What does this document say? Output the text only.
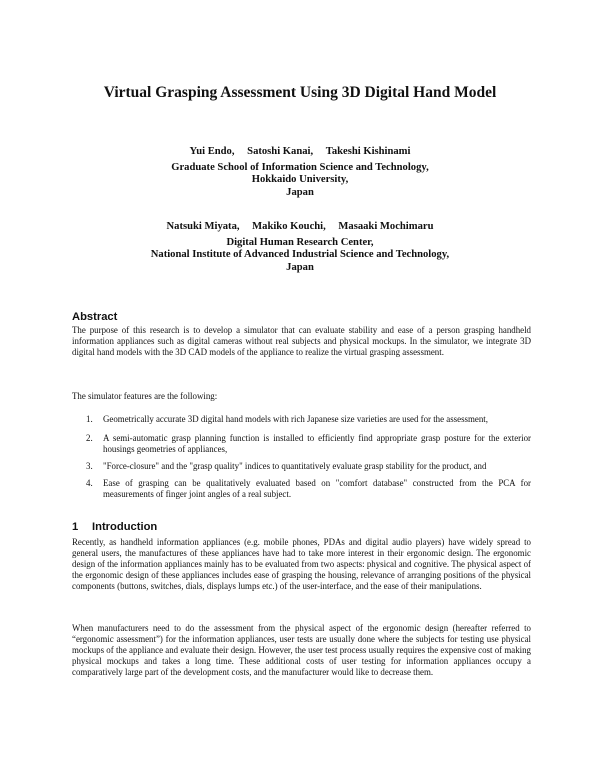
Virtual Grasping Assessment Using 3D Digital Hand Model
Yui Endo, Satoshi Kanai, Takeshi Kishinami
Graduate School of Information Science and Technology,
Hokkaido University,
Japan
Natsuki Miyata, Makiko Kouchi, Masaaki Mochimaru
Digital Human Research Center,
National Institute of Advanced Industrial Science and Technology,
Japan
Abstract

The purpose of this research is to develop a simulator that can evaluate stability and ease of a person grasping handheld information appliances such as digital cameras without real subjects and physical mockups. In the simulator, we integrate 3D digital hand models with the 3D CAD models of the appliance to realize the virtual grasping assessment.

The simulator features are the following:

1. Geometrically accurate 3D digital hand models with rich Japanese size varieties are used for the assessment,
2. A semi-automatic grasp planning function is installed to efficiently find appropriate grasp posture for the exterior housings geometries of appliances,
3. "Force-closure" and the "grasp quality" indices to quantitatively evaluate grasp stability for the product, and
4. Ease of grasping can be qualitatively evaluated based on "comfort database" constructed from the PCA for measurements of finger joint angles of a real subject.
1 Introduction

Recently, as handheld information appliances (e.g. mobile phones, PDAs and digital audio players) have widely spread to general users, the manufactures of these appliances have had to take more interest in their ergonomic design. The ergonomic design of the information appliances mainly has to be evaluated from two aspects: physical and cognitive. The physical aspect of the ergonomic design of these appliances includes ease of grasping the housing, relevance of arranging positions of the physical components (buttons, switches, dials, displays lumps etc.) of the user-interface, and the ease of their manipulations.

When manufacturers need to do the assessment from the physical aspect of the ergonomic design (hereafter referred to “ergonomic assessment”) for the information appliances, user tests are usually done where the subjects for testing use physical mockups of the appliance and evaluate their design. However, the user test process usually requires the expensive cost of making physical mockups and takes a long time. These additional costs of user testing for information appliances occupy a comparatively large part of the development costs, and the manufacturer would like to decrease them.
